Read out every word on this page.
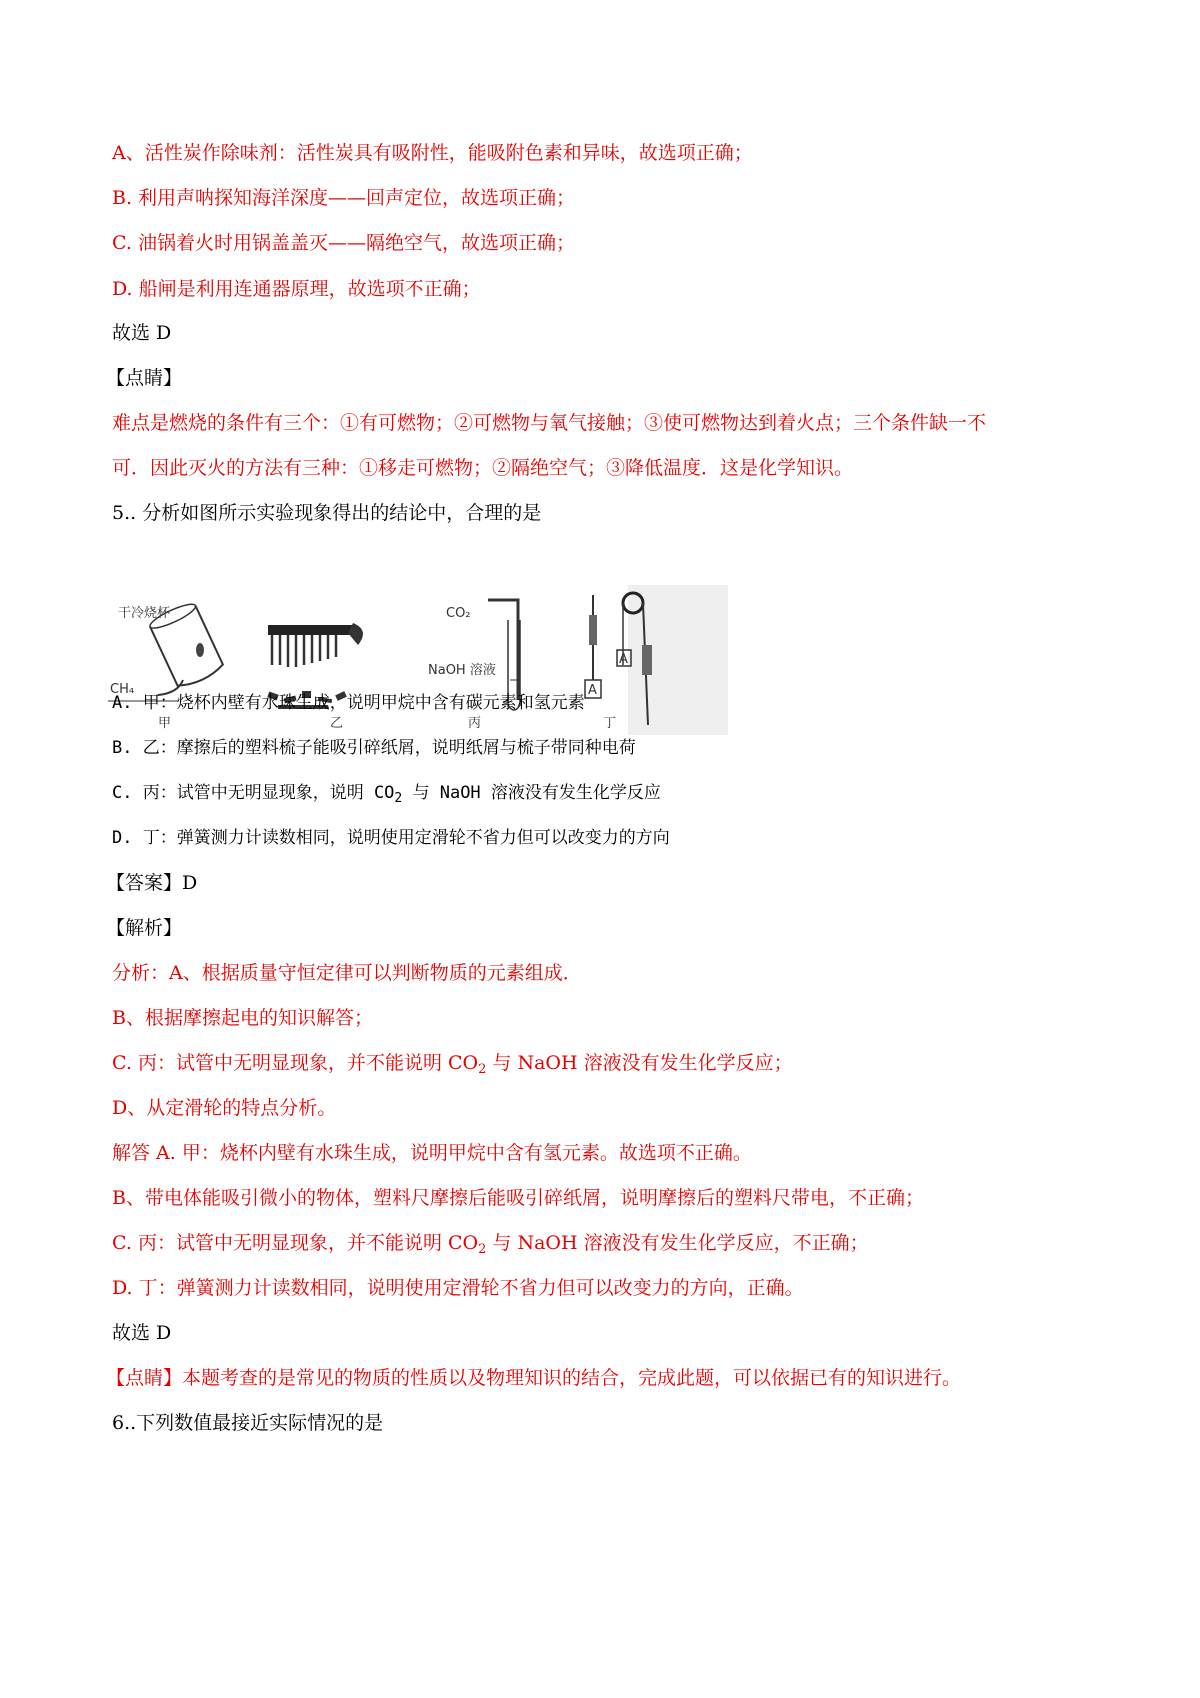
A、活性炭作除味剂：活性炭具有吸附性，能吸附色素和异味，故选项正确；
B. 利用声呐探知海洋深度——回声定位，故选项正确；
C. 油锅着火时用锅盖盖灭——隔绝空气，故选项正确；
D. 船闸是利用连通器原理，故选项不正确；
故选 D
【点睛】
难点是燃烧的条件有三个：①有可燃物；②可燃物与氧气接触；③使可燃物达到着火点；三个条件缺一不
可．因此灭火的方法有三种：①移走可燃物；②隔绝空气；③降低温度．这是化学知识。
5.. 分析如图所示实验现象得出的结论中，合理的是
干冷烧杯
CH₄
甲	乙
CO₂
NaOH 溶液
丙
A
A
丁
A. 甲：烧杯内壁有水珠生成，说明甲烷中含有碳元素和氢元素
B. 乙：摩擦后的塑料梳子能吸引碎纸屑，说明纸屑与梳子带同种电荷
C. 丙：试管中无明显现象，说明 $CO_2$ 与 NaOH 溶液没有发生化学反应
D. 丁：弹簧测力计读数相同，说明使用定滑轮不省力但可以改变力的方向
【答案】D
【解析】
分析：A、根据质量守恒定律可以判断物质的元素组成．
B、根据摩擦起电的知识解答；
C. 丙：试管中无明显现象，并不能说明 $CO_2$ 与 NaOH 溶液没有发生化学反应；
D、从定滑轮的特点分析。
解答 A. 甲：烧杯内壁有水珠生成，说明甲烷中含有氢元素。故选项不正确。
B、带电体能吸引微小的物体，塑料尺摩擦后能吸引碎纸屑，说明摩擦后的塑料尺带电，不正确；
C. 丙：试管中无明显现象，并不能说明 $CO_2$ 与 NaOH 溶液没有发生化学反应，不正确；
D. 丁：弹簧测力计读数相同，说明使用定滑轮不省力但可以改变力的方向，正确。
故选 D
【点睛】本题考查的是常见的物质的性质以及物理知识的结合，完成此题，可以依据已有的知识进行。
6..下列数值最接近实际情况的是
